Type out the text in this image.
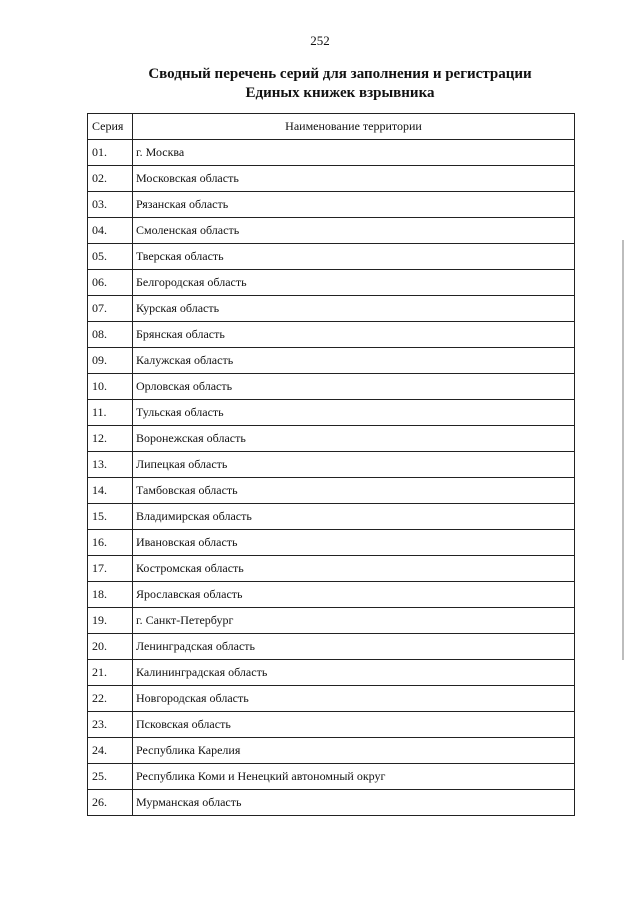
252
Сводный перечень серий для заполнения и регистрации
Единых книжек взрывника
Серия	Наименование территории
01.	г. Москва
02.	Московская область
03.	Рязанская область
04.	Смоленская область
05.	Тверская область
06.	Белгородская область
07.	Курская область
08.	Брянская область
09.	Калужская область
10.	Орловская область
11.	Тульская область
12.	Воронежская область
13.	Липецкая область
14.	Тамбовская область
15.	Владимирская область
16.	Ивановская область
17.	Костромская область
18.	Ярославская область
19.	г. Санкт-Петербург
20.	Ленинградская область
21.	Калининградская область
22.	Новгородская область
23.	Псковская область
24.	Республика Карелия
25.	Республика Коми и Ненецкий автономный округ
26.	Мурманская область
